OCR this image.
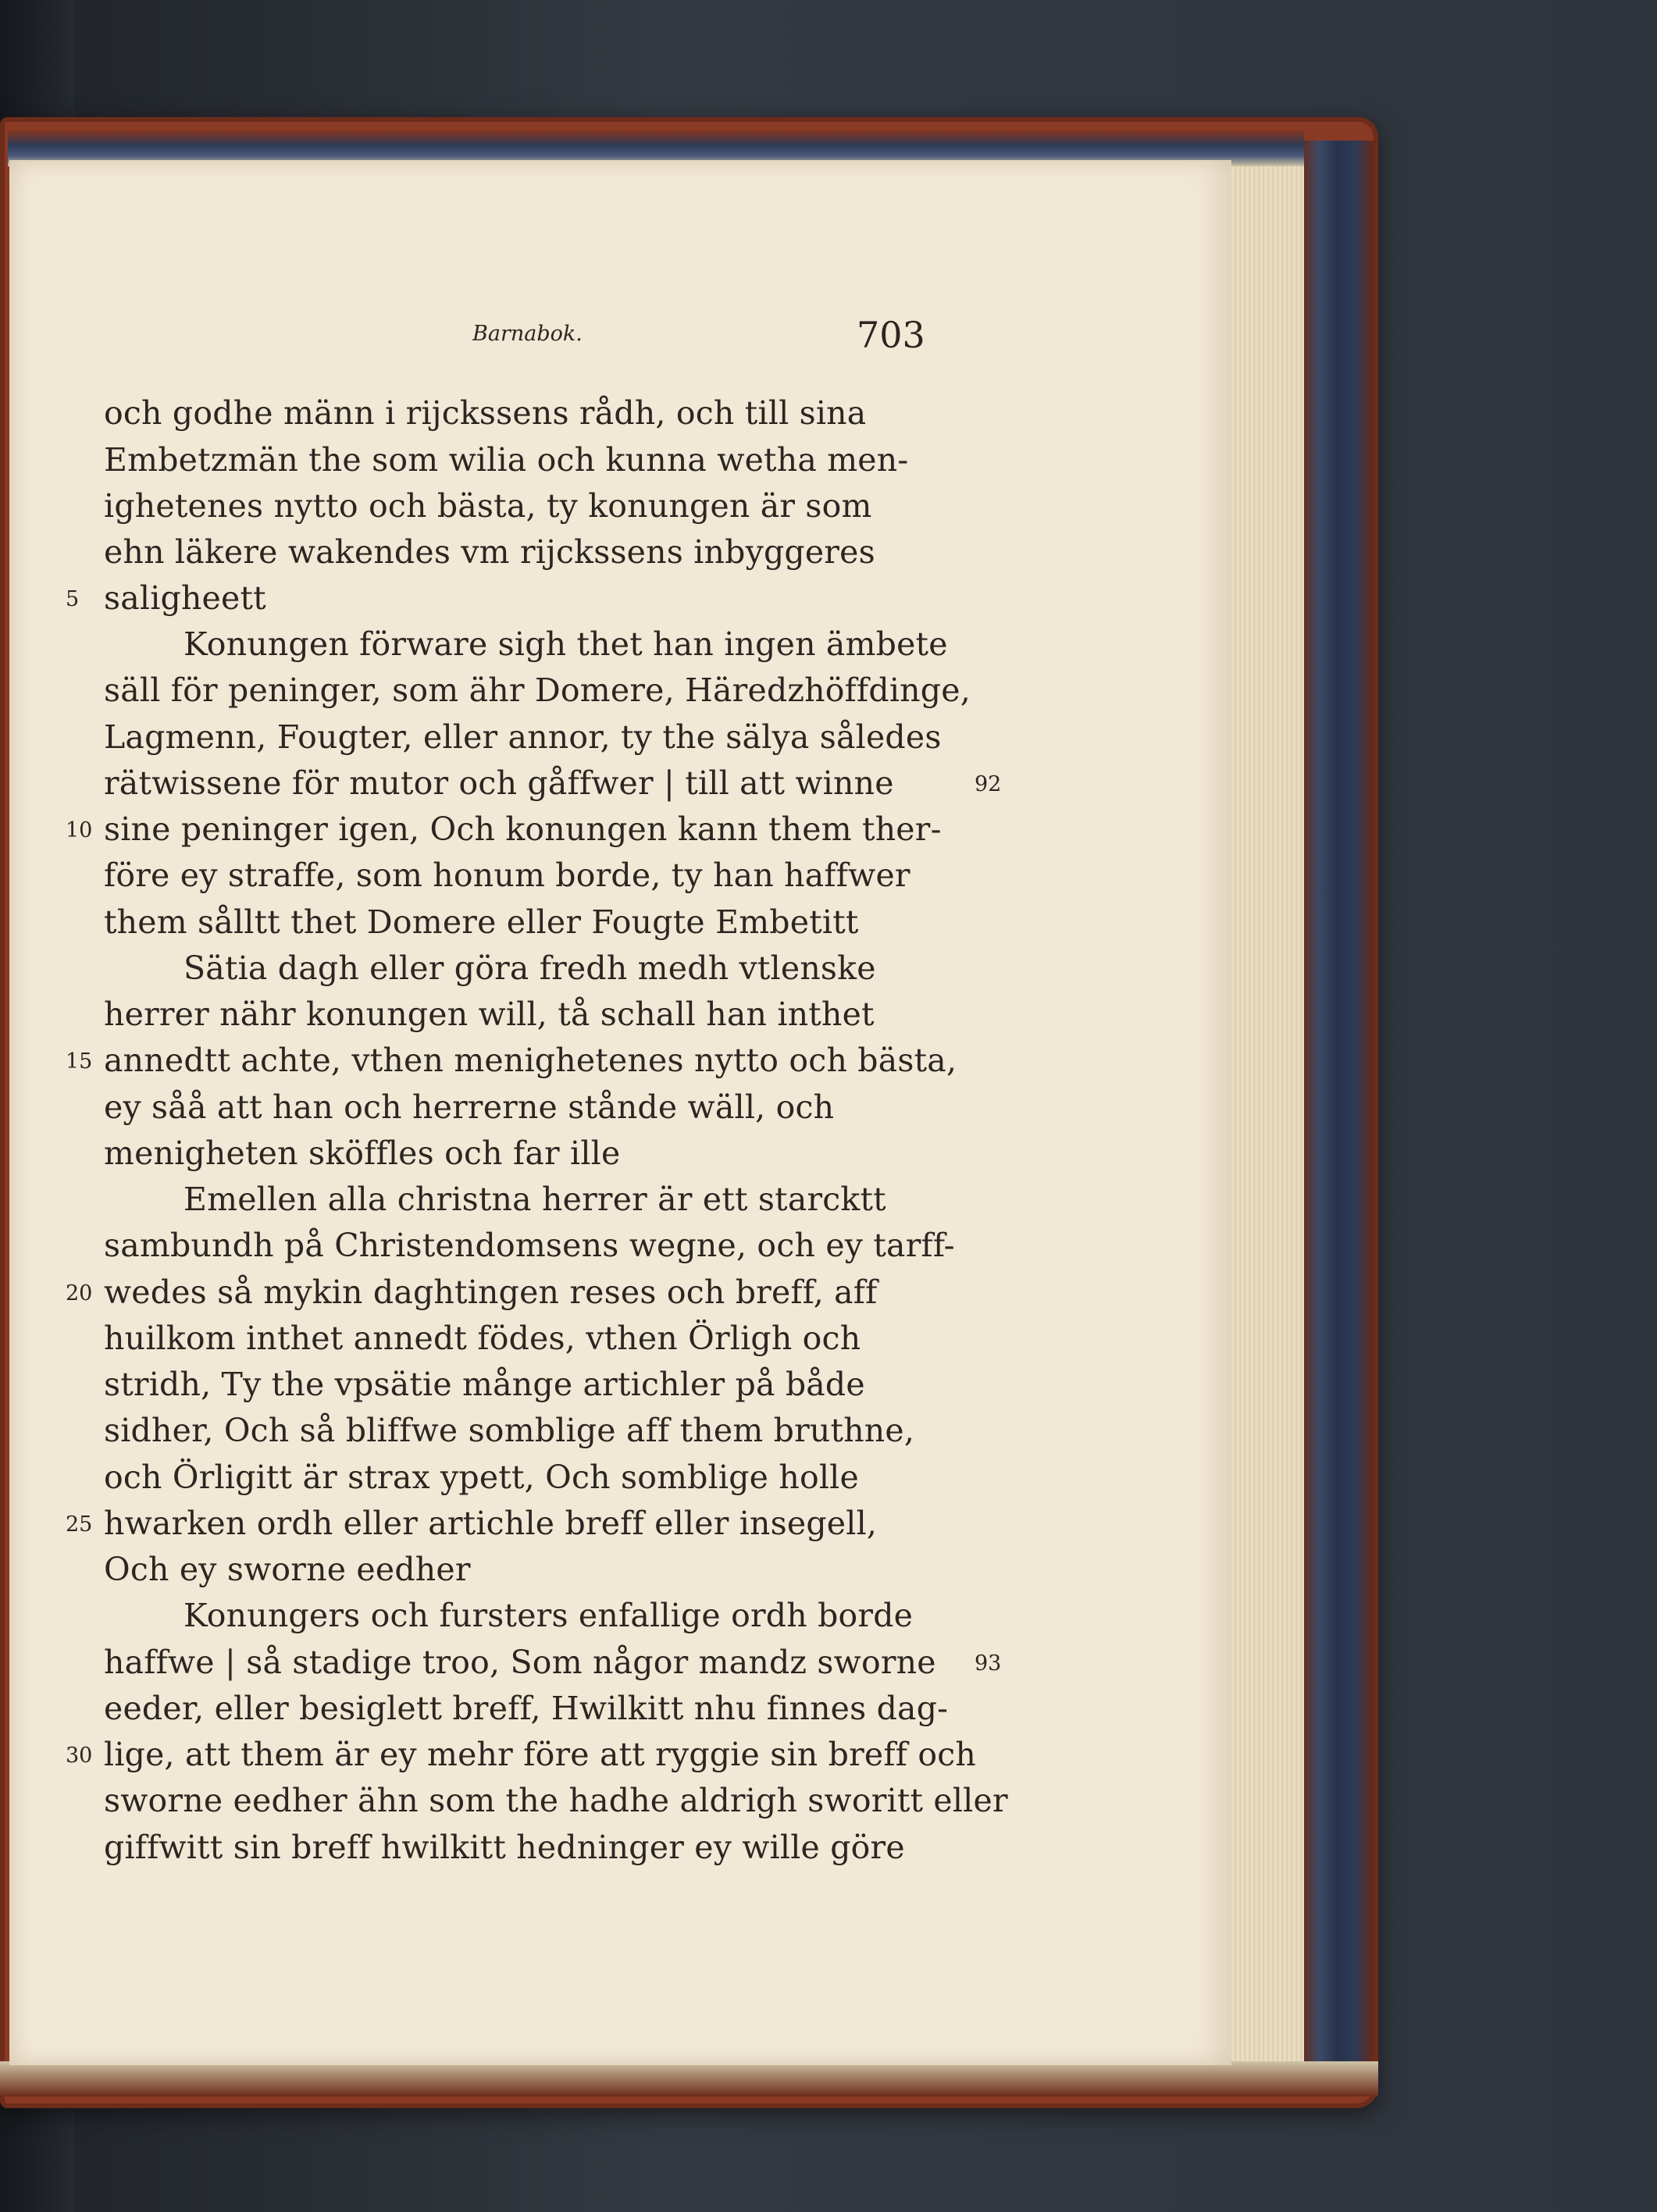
Barnabok.	703
och godhe männ i rijckssens rådh, och till sina
Embetzmän the som wilia och kunna wetha men-
ighetenes nytto och bästa, ty konungen är som
ehn läkere wakendes vm rijckssens inbyggeres
saligheett
Konungen förware sigh thet han ingen ämbete
säll för peninger, som ähr Domere, Häredzhöffdinge,
Lagmenn, Fougter, eller annor, ty the sälya således
rätwissene för mutor och gåffwer | till att winne
sine peninger igen, Och konungen kann them ther-
före ey straffe, som honum borde, ty han haffwer
them sålltt thet Domere eller Fougte Embetitt
Sätia dagh eller göra fredh medh vtlenske
herrer nähr konungen will, tå schall han inthet
annedtt achte, vthen menighetenes nytto och bästa,
ey såå att han och herrerne stånde wäll, och
menigheten sköffles och far ille
Emellen alla christna herrer är ett starcktt
sambundh på Christendomsens wegne, och ey tarff-
wedes så mykin daghtingen reses och breff, aff
huilkom inthet annedt födes, vthen Örligh och
stridh, Ty the vpsätie månge artichler på både
sidher, Och så bliffwe somblige aff them bruthne,
och Örligitt är strax ypett, Och somblige holle
hwarken ordh eller artichle breff eller insegell,
Och ey sworne eedher
Konungers och fursters enfallige ordh borde
haffwe | så stadige troo, Som någor mandz sworne
eeder, eller besiglett breff, Hwilkitt nhu finnes dag-
lige, att them är ey mehr före att ryggie sin breff och
sworne eedher ähn som the hadhe aldrigh sworitt eller
giffwitt sin breff hwilkitt hedninger ey wille göre
5
10
15
20
25
30
92
93
